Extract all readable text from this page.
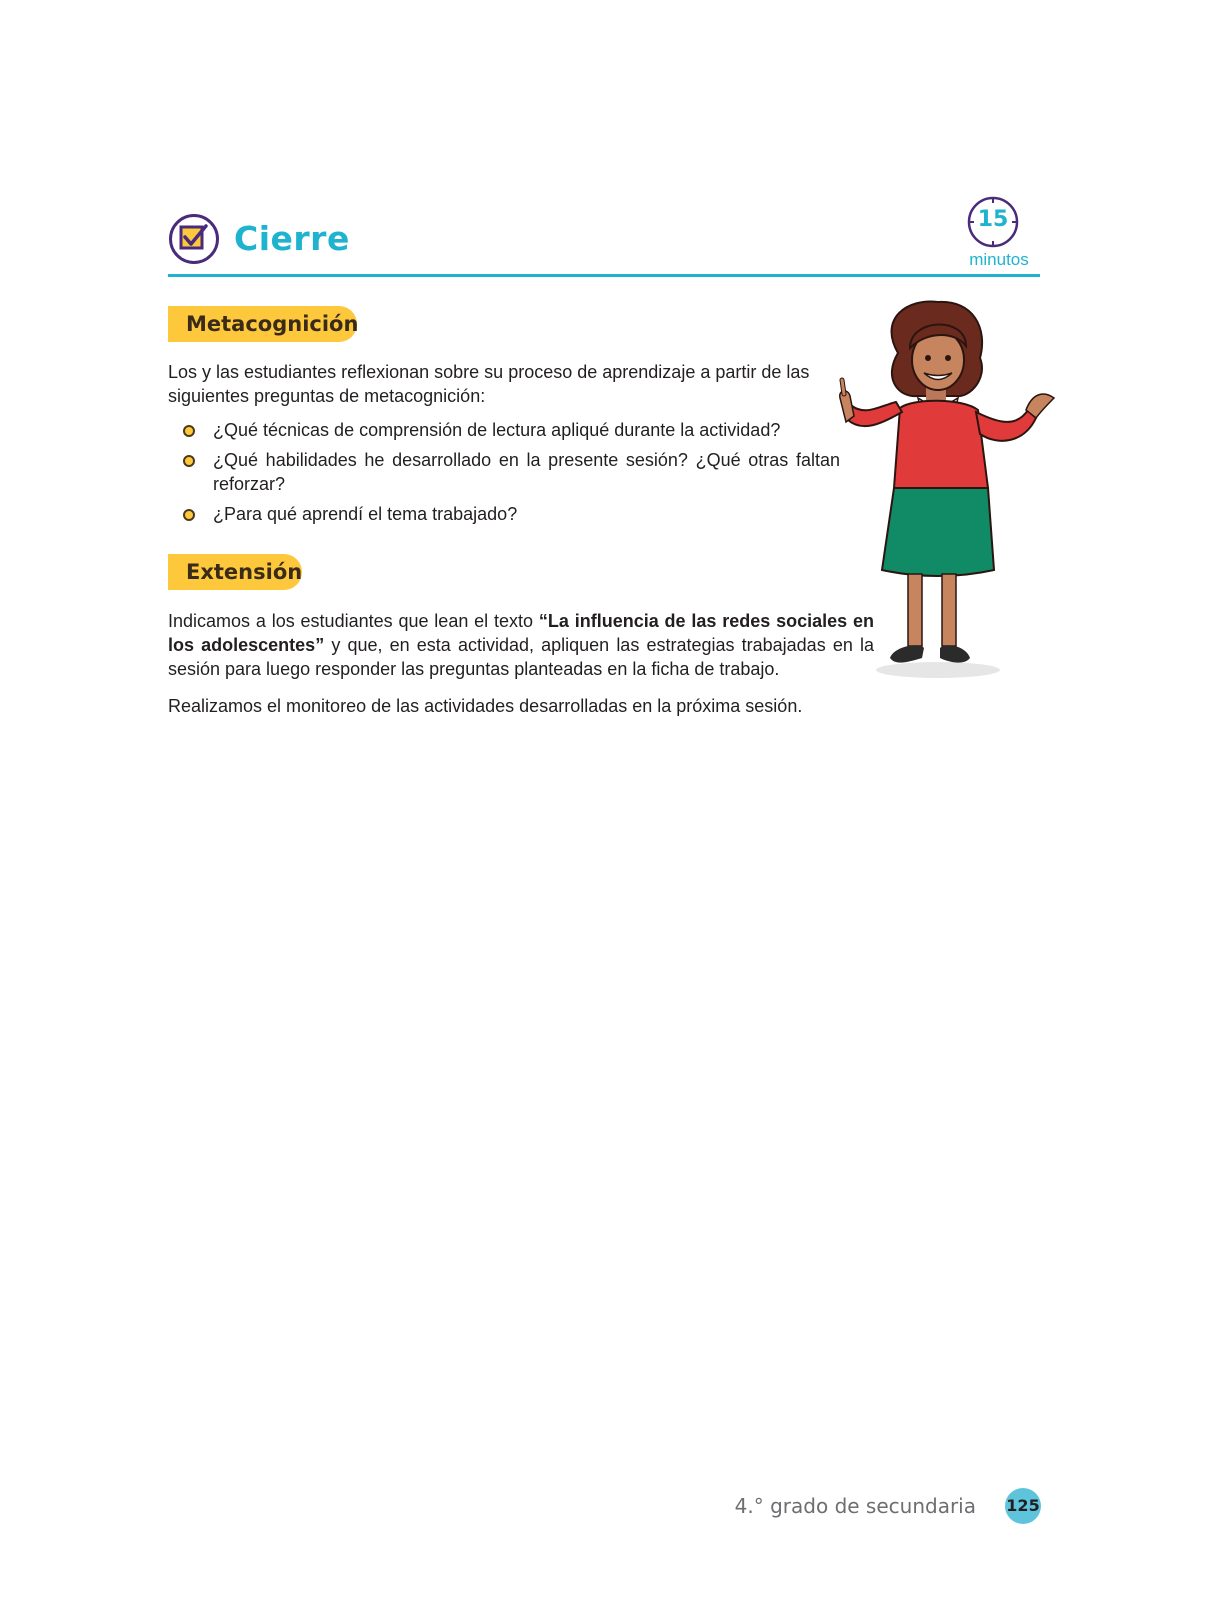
Cierre	15
minutos
Metacognición
Los y las estudiantes reflexionan sobre su proceso de aprendizaje a partir de las siguientes preguntas de metacognición:
¿Qué técnicas de comprensión de lectura apliqué durante la actividad?
¿Qué habilidades he desarrollado en la presente sesión? ¿Qué otras faltan reforzar?
¿Para qué aprendí el tema trabajado?
Extensión
Indicamos a los estudiantes que lean el texto “La influencia de las redes sociales en los adolescentes” y que, en esta actividad, apliquen las estrategias trabajadas en la sesión para luego responder las preguntas planteadas en la ficha de trabajo.
Realizamos el monitoreo de las actividades desarrolladas en la próxima sesión.
4.° grado de secundaria 125
